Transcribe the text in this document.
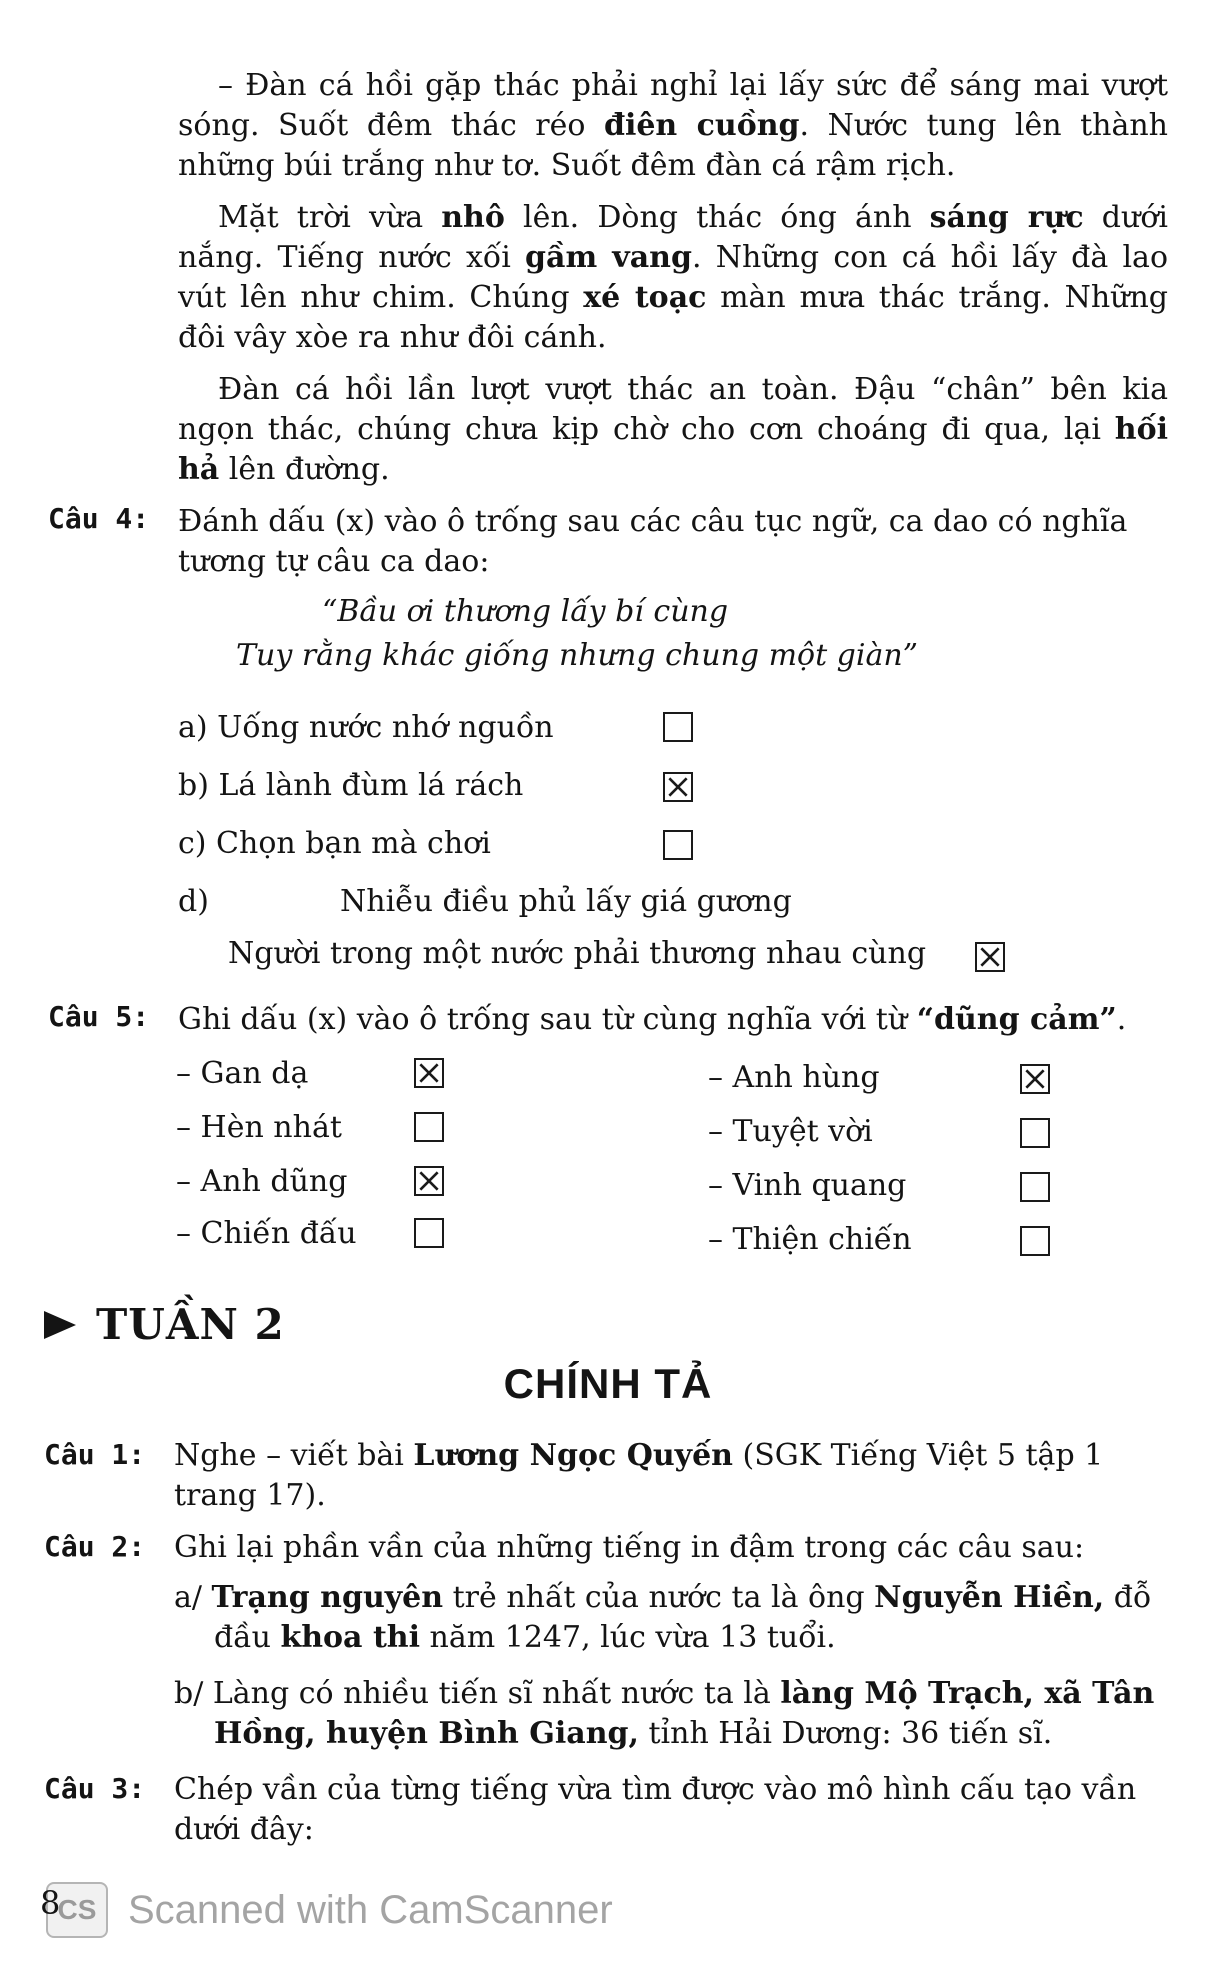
– Đàn cá hồi gặp thác phải nghỉ lại lấy sức để sáng mai vượt sóng. Suốt đêm thác réo điên cuồng. Nước tung lên thành những búi trắng như tơ. Suốt đêm đàn cá rậm rịch.

Mặt trời vừa nhô lên. Dòng thác óng ánh sáng rực dưới nắng. Tiếng nước xối gầm vang. Những con cá hồi lấy đà lao vút lên như chim. Chúng xé toạc màn mưa thác trắng. Những đôi vây xòe ra như đôi cánh.

Đàn cá hồi lần lượt vượt thác an toàn. Đậu “chân” bên kia ngọn thác, chúng chưa kịp chờ cho cơn choáng đi qua, lại hối hả lên đường.

Câu 4: Đánh dấu (x) vào ô trống sau các câu tục ngữ, ca dao có nghĩa tương tự câu ca dao:

“Bầu ơi thương lấy bí cùng
Tuy rằng khác giống nhưng chung một giàn”
a) Uống nước nhớ nguồn
b) Lá lành đùm lá rách
c) Chọn bạn mà chơi
d)	Nhiễu điều phủ lấy giá gương
Người trong một nước phải thương nhau cùng
Câu 5: Ghi dấu (x) vào ô trống sau từ cùng nghĩa với từ “dũng cảm”.

– Gan dạ
– Hèn nhát
– Anh dũng
– Chiến đấu
– Anh hùng
– Tuyệt vời
– Vinh quang
– Thiện chiến
TUẦN 2
CHÍNH TẢ
Câu 1: Nghe – viết bài Lương Ngọc Quyến (SGK Tiếng Việt 5 tập 1 trang 17).

Câu 2: Ghi lại phần vần của những tiếng in đậm trong các câu sau:

a/ Trạng nguyên trẻ nhất của nước ta là ông Nguyễn Hiền, đỗ đầu khoa thi năm 1247, lúc vừa 13 tuổi.

b/ Làng có nhiều tiến sĩ nhất nước ta là làng Mộ Trạch, xã Tân Hồng, huyện Bình Giang, tỉnh Hải Dương: 36 tiến sĩ.

Câu 3: Chép vần của từng tiếng vừa tìm được vào mô hình cấu tạo vần dưới đây:

8
CS Scanned with CamScanner
